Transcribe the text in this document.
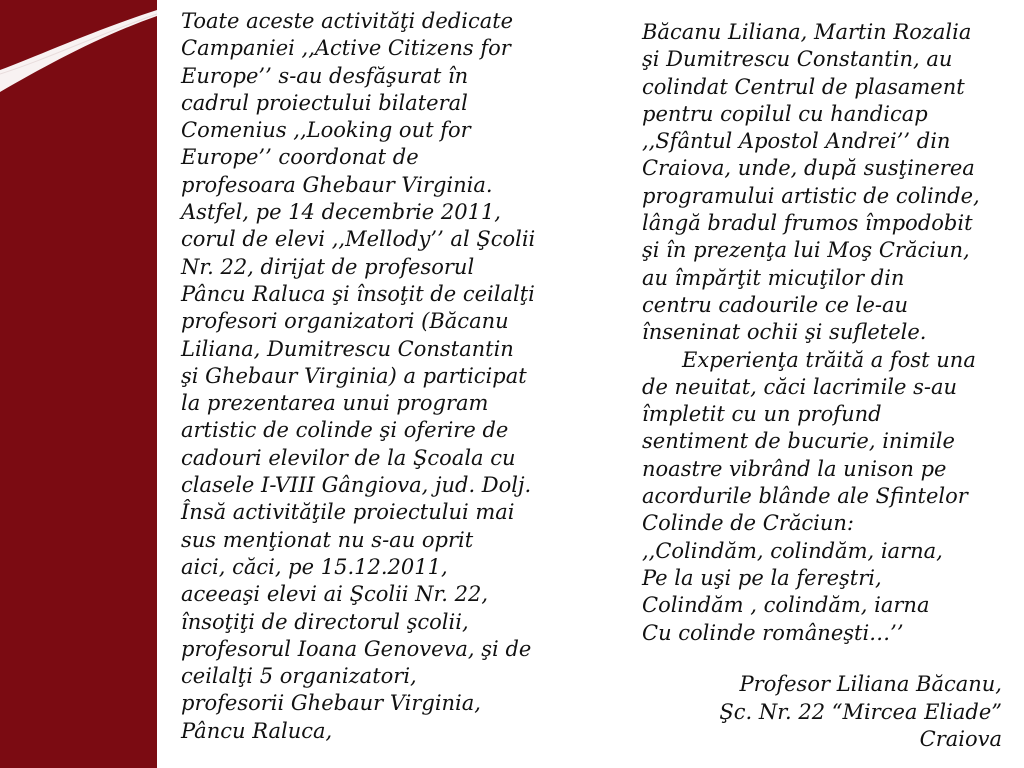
Toate aceste activităţi dedicate
Campaniei ,,Active Citizens for
Europe’’ s-au desfăşurat în
cadrul proiectului bilateral
Comenius ,,Looking out for
Europe’’ coordonat de
profesoara Ghebaur Virginia.
Astfel, pe 14 decembrie 2011,
corul de elevi ,,Mellody’’ al Şcolii
Nr. 22, dirijat de profesorul
Pâncu Raluca şi însoţit de ceilalţi
profesori organizatori (Băcanu
Liliana, Dumitrescu Constantin
şi Ghebaur Virginia) a participat
la prezentarea unui program
artistic de colinde şi oferire de
cadouri elevilor de la Şcoala cu
clasele I-VIII Gângiova, jud. Dolj.
Însă activităţile proiectului mai
sus menţionat nu s-au oprit
aici, căci, pe 15.12.2011,
aceeaşi elevi ai Şcolii Nr. 22,
însoţiţi de directorul şcolii,
profesorul Ioana Genoveva, şi de
ceilalţi 5 organizatori,
profesorii Ghebaur Virginia,
Pâncu Raluca,
Băcanu Liliana, Martin Rozalia
şi Dumitrescu Constantin, au
colindat Centrul de plasament
pentru copilul cu handicap
,,Sfântul Apostol Andrei’’ din
Craiova, unde, după susţinerea
programului artistic de colinde,
lângă bradul frumos împodobit
şi în prezenţa lui Moş Crăciun,
au împărţit micuţilor din
centru cadourile ce le-au
înseninat ochii şi sufletele.
Experienţa trăită a fost una
de neuitat, căci lacrimile s-au
împletit cu un profund
sentiment de bucurie, inimile
noastre vibrând la unison pe
acordurile blânde ale Sfintelor
Colinde de Crăciun:
,,Colindăm, colindăm, iarna,
Pe la uşi pe la fereştri,
Colindăm , colindăm, iarna
Cu colinde româneşti…’’
Profesor Liliana Băcanu,
Şc. Nr. 22 “Mircea Eliade”
Craiova
